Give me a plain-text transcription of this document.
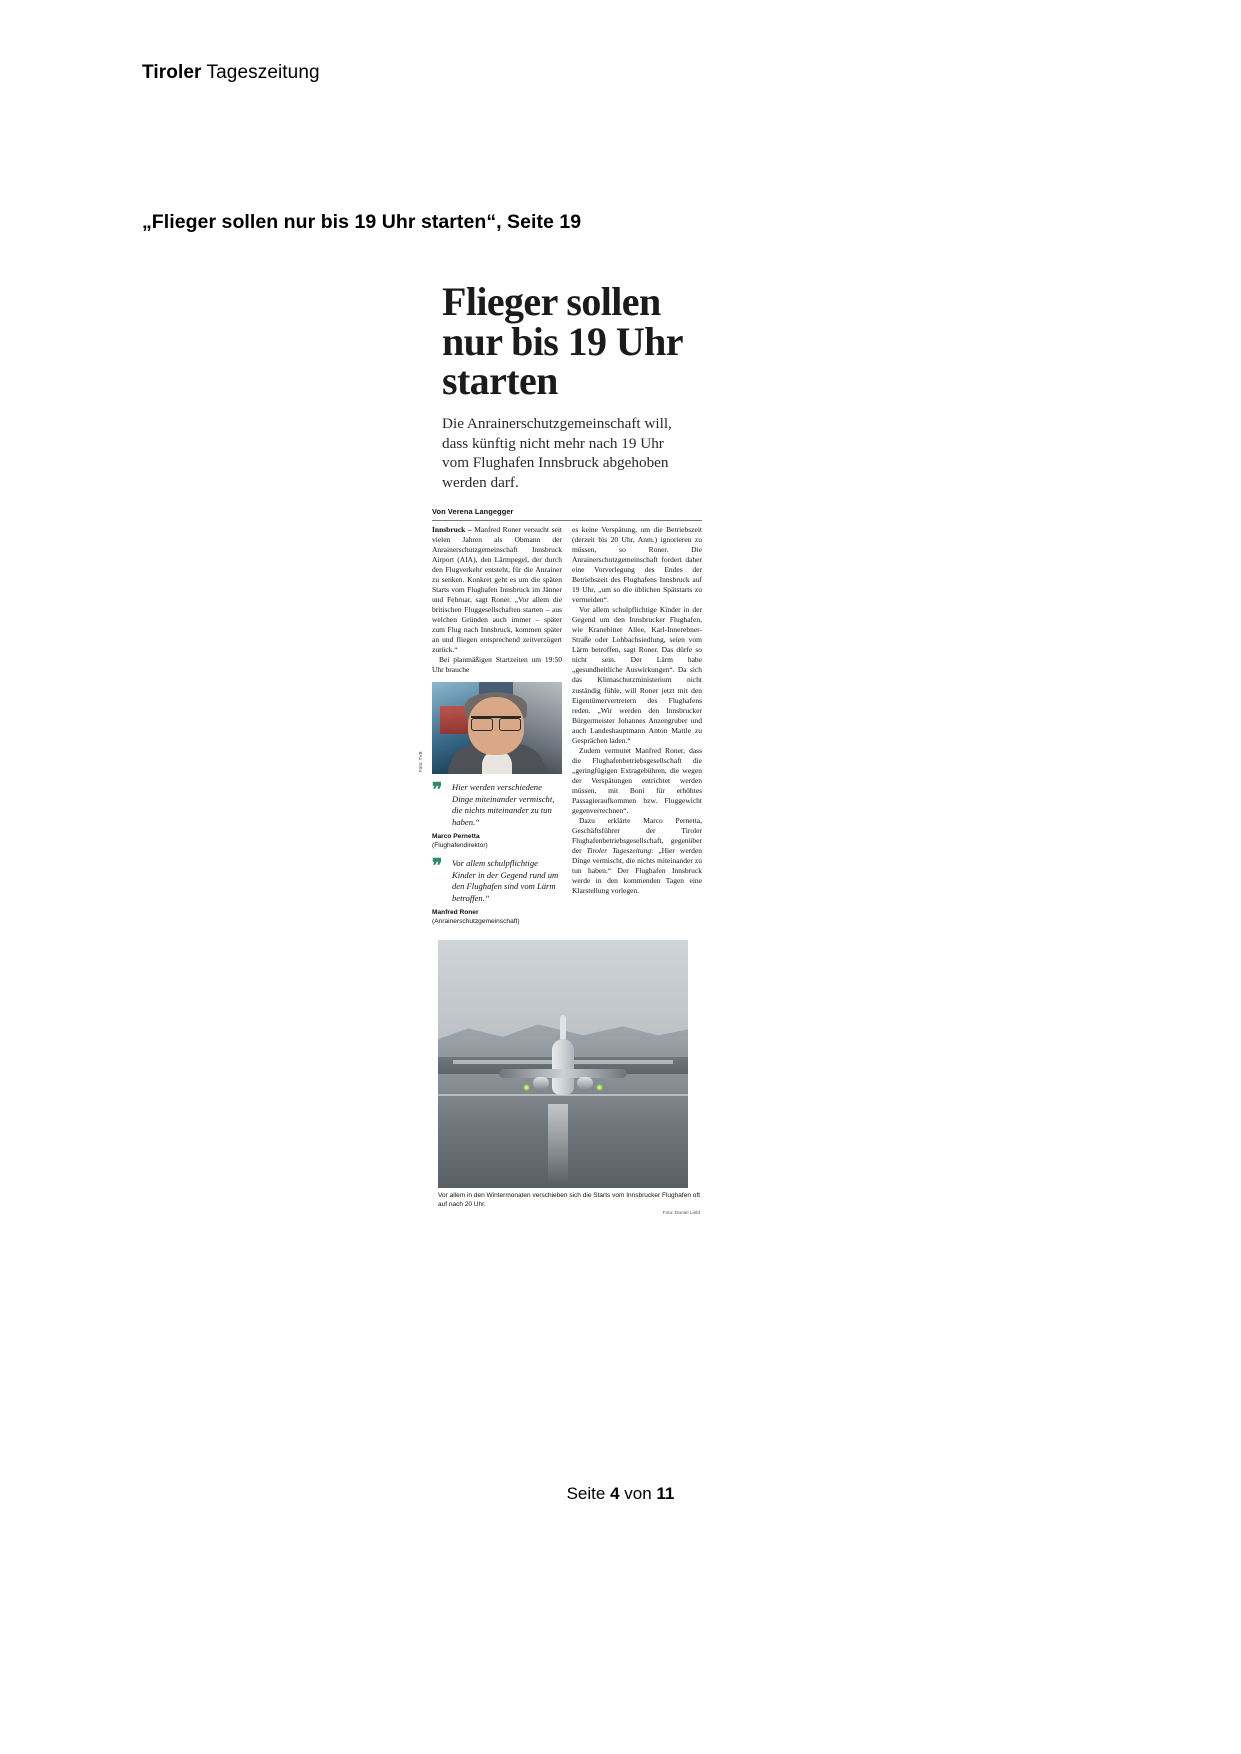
Tiroler Tageszeitung
„Flieger sollen nur bis 19 Uhr starten“, Seite 19
Flieger sollen nur bis 19 Uhr starten
Die Anrainerschutzgemeinschaft will, dass künftig nicht mehr nach 19 Uhr vom Flughafen Innsbruck abgehoben werden darf.
Von Verena Langegger

Innsbruck – Manfred Roner versucht seit vielen Jahren als Obmann der Anrainerschutzgemeinschaft Innsbruck Airport (AIA), den Lärmpegel, der durch den Flugverkehr entsteht, für die Anrainer zu senken. Konkret geht es um die späten Starts vom Flughafen Innsbruck im Jänner und Februar, sagt Roner. „Vor allem die britischen Fluggesellschaften starten – aus welchen Gründen auch immer – später zum Flug nach Innsbruck, kommen später an und fliegen entsprechend zeitverzögert zurück.“

Bei planmäßigen Startzeiten um 19:50 Uhr brauche

Foto: TVB
❞ Hier werden verschiedene Dinge miteinander vermischt, die nichts miteinander zu tun haben.“
Marco Pernetta
(Flughafendirektor)
❞ Vor allem schulpflichtige Kinder in der Gegend rund um den Flughafen sind vom Lärm betroffen.“
Manfred Roner
(Anrainerschutzgemeinschaft)

es keine Verspätung, um die Betriebszeit (derzeit bis 20 Uhr, Anm.) ignorieren zu müssen, so Roner. Die Anrainerschutzgemeinschaft fordert daher eine Vorverlegung des Endes der Betriebszeit des Flughafens Innsbruck auf 19 Uhr, „um so die üblichen Spätstarts zu vermeiden“.

Vor allem schulpflichtige Kinder in der Gegend um den Innsbrucker Flughafen, wie Kranebitter Allee, Karl-Innerebner-Straße oder Lohbachsiedlung, seien vom Lärm betroffen, sagt Roner. Das dürfe so nicht sein. Der Lärm habe „gesundheitliche Auswirkungen“. Da sich das Klimaschutzministerium nicht zuständig fühle, will Roner jetzt mit den Eigentümervertretern des Flughafens reden. „Wir werden den Innsbrucker Bürgermeister Johannes Anzengruber und auch Landeshauptmann Anton Mattle zu Gesprächen laden.“

Zudem vermutet Manfred Roner, dass die Flughafenbetriebsgesellschaft die „geringfügigen Extragebühren, die wegen der Verspätungen entrichtet werden müssen, mit Boni für erhöhtes Passagieraufkommen bzw. Fluggewicht gegenverrechnen“.

Dazu erklärte Marco Pernetta, Geschäftsführer der Tiroler Flughafenbetriebsgesellschaft, gegenüber der Tiroler Tageszeitung: „Hier werden Dinge vermischt, die nichts miteinander zu tun haben.“ Der Flughafen Innsbruck werde in den kommenden Tagen eine Klarstellung vorlegen.

Vor allem in den Wintermonaten verschieben sich die Starts vom Innsbrucker Flughafen oft auf nach 20 Uhr.
Foto: Daniel Liebl
Seite 4 von 11
